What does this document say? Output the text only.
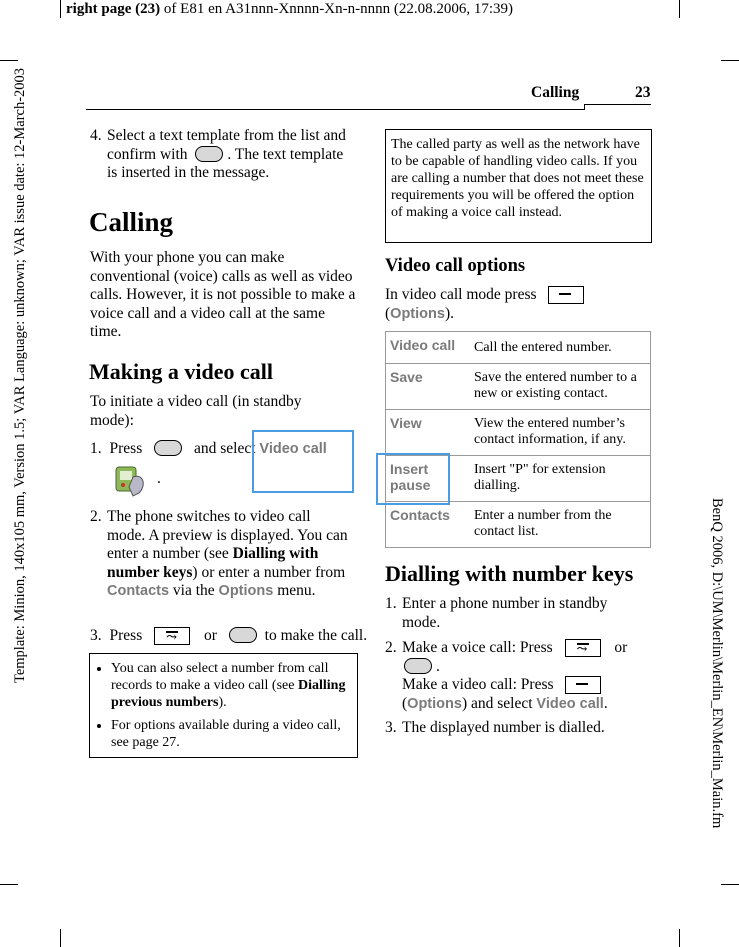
right page (23) of E81 en A31nnn-Xnnnn-Xn-n-nnnn (22.08.2006, 17:39)
Template: Minion, 140x105 mm, Version 1.5; VAR Language: unknown; VAR issue date: 12-March-2003	BenQ 2006, D:\UM\Merlin\Merlin_EN\Merlin_Main.fm
Calling	23
4. Select a text template from the list and confirm with	. The text template is inserted in the message.
Calling
With your phone you can make conventional (voice) calls as well as video calls. However, it is not possible to make a voice call and a video call at the same time.
Making a video call
To initiate a video call (in standby mode):
1. Press	and select Video call
.
2. The phone switches to video call mode. A preview is displayed. You can enter a number (see Dialling with number keys) or enter a number from Contacts via the Options menu.
3. Press ⤳ or	to make the call.
• You can also select a number from call records to make a video call (see Dialling previous numbers).
• For options available during a video call, see page 27.
The called party as well as the network have to be capable of handling video calls. If you are calling a number that does not meet these requirements you will be offered the option of making a voice call instead.
Video call options
In video call mode press

(Options).
Video call	Call the entered number.

Save	Save the entered number to a new or existing contact.

View	View the entered number’s contact information, if any.

Insert pause	Insert "P" for extension dialling.

Contacts	Enter a number from the contact list.
Dialling with number keys
1. Enter a phone number in standby mode.
2. Make a voice call: Press ⤳ or
.
Make a video call: Press

(Options) and select Video call.
3. The displayed number is dialled.
